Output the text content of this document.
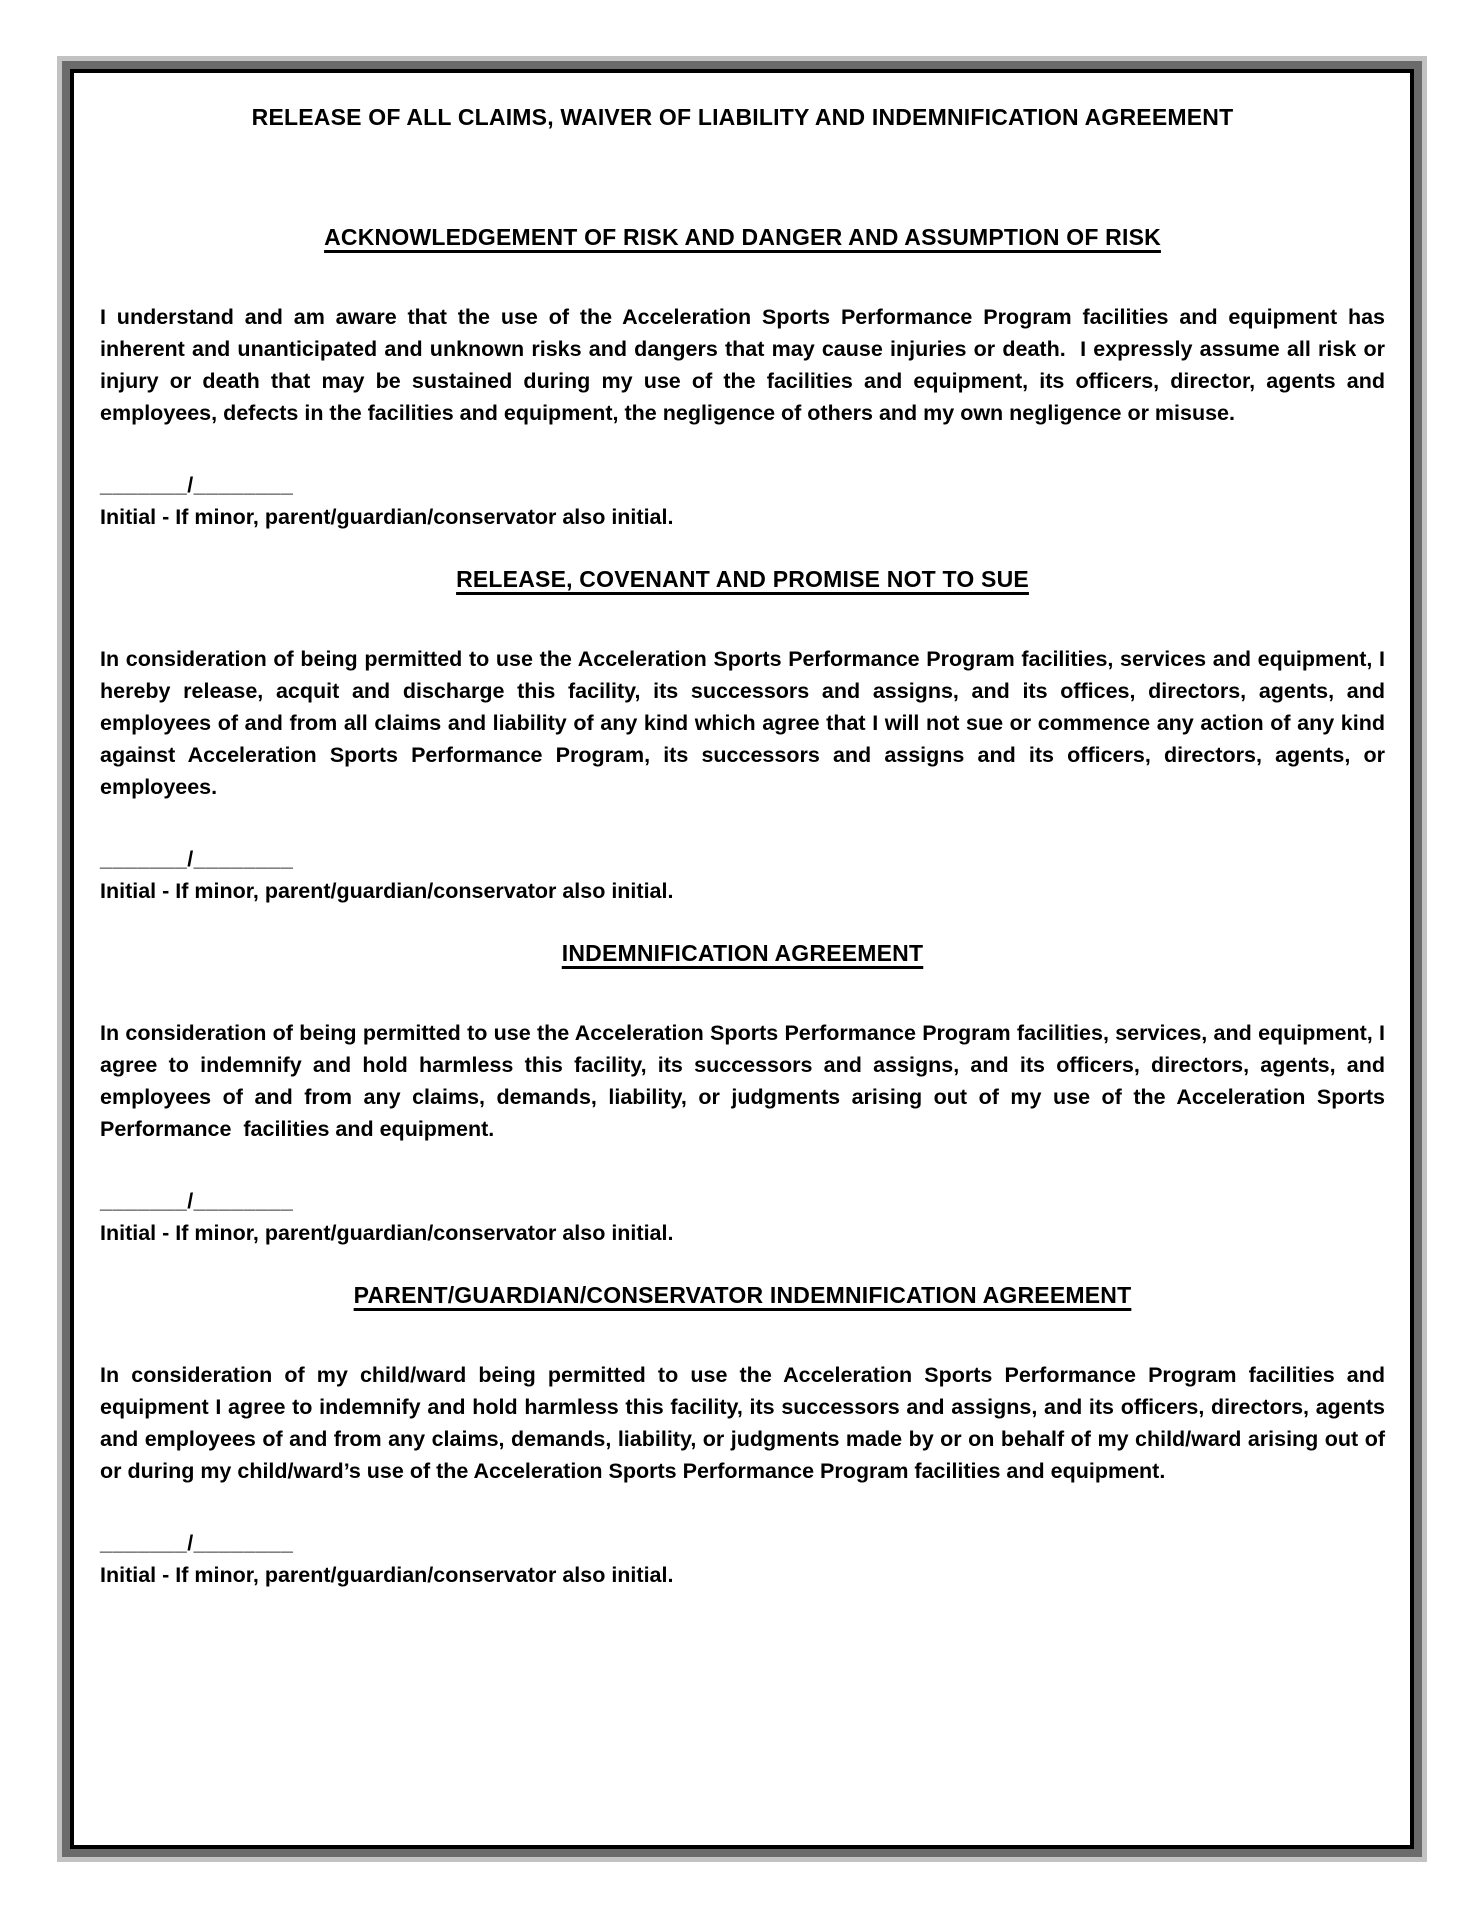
RELEASE OF ALL CLAIMS, WAIVER OF LIABILITY AND INDEMNIFICATION AGREEMENT
ACKNOWLEDGEMENT OF RISK AND DANGER AND ASSUMPTION OF RISK

I understand and am aware that the use of the Acceleration Sports Performance Program facilities and equipment has inherent and unanticipated and unknown risks and dangers that may cause injuries or death.  I expressly assume all risk or injury or death that may be sustained during my use of the facilities and equipment, its officers, director, agents and employees, defects in the facilities and equipment, the negligence of others and my own negligence or misuse.

_______/________
Initial - If minor, parent/guardian/conservator also initial.
RELEASE, COVENANT AND PROMISE NOT TO SUE

In consideration of being permitted to use the Acceleration Sports Performance Program facilities, services and equipment, I hereby release, acquit and discharge this facility, its successors and assigns, and its offices, directors, agents, and employees of and from all claims and liability of any kind which agree that I will not sue or commence any action of any kind against Acceleration Sports Performance Program, its successors and assigns and its officers, directors, agents, or employees.

_______/________
Initial - If minor, parent/guardian/conservator also initial.
INDEMNIFICATION AGREEMENT

In consideration of being permitted to use the Acceleration Sports Performance Program facilities, services, and equipment, I agree to indemnify and hold harmless this facility, its successors and assigns, and its officers, directors, agents, and employees of and from any claims, demands, liability, or judgments arising out of my use of the Acceleration Sports Performance  facilities and equipment.

_______/________
Initial - If minor, parent/guardian/conservator also initial.
PARENT/GUARDIAN/CONSERVATOR INDEMNIFICATION AGREEMENT

In consideration of my child/ward being permitted to use the Acceleration Sports Performance Program facilities and equipment I agree to indemnify and hold harmless this facility, its successors and assigns, and its officers, directors, agents and employees of and from any claims, demands, liability, or judgments made by or on behalf of my child/ward arising out of or during my child/ward’s use of the Acceleration Sports Performance Program facilities and equipment.

_______/________
Initial - If minor, parent/guardian/conservator also initial.
